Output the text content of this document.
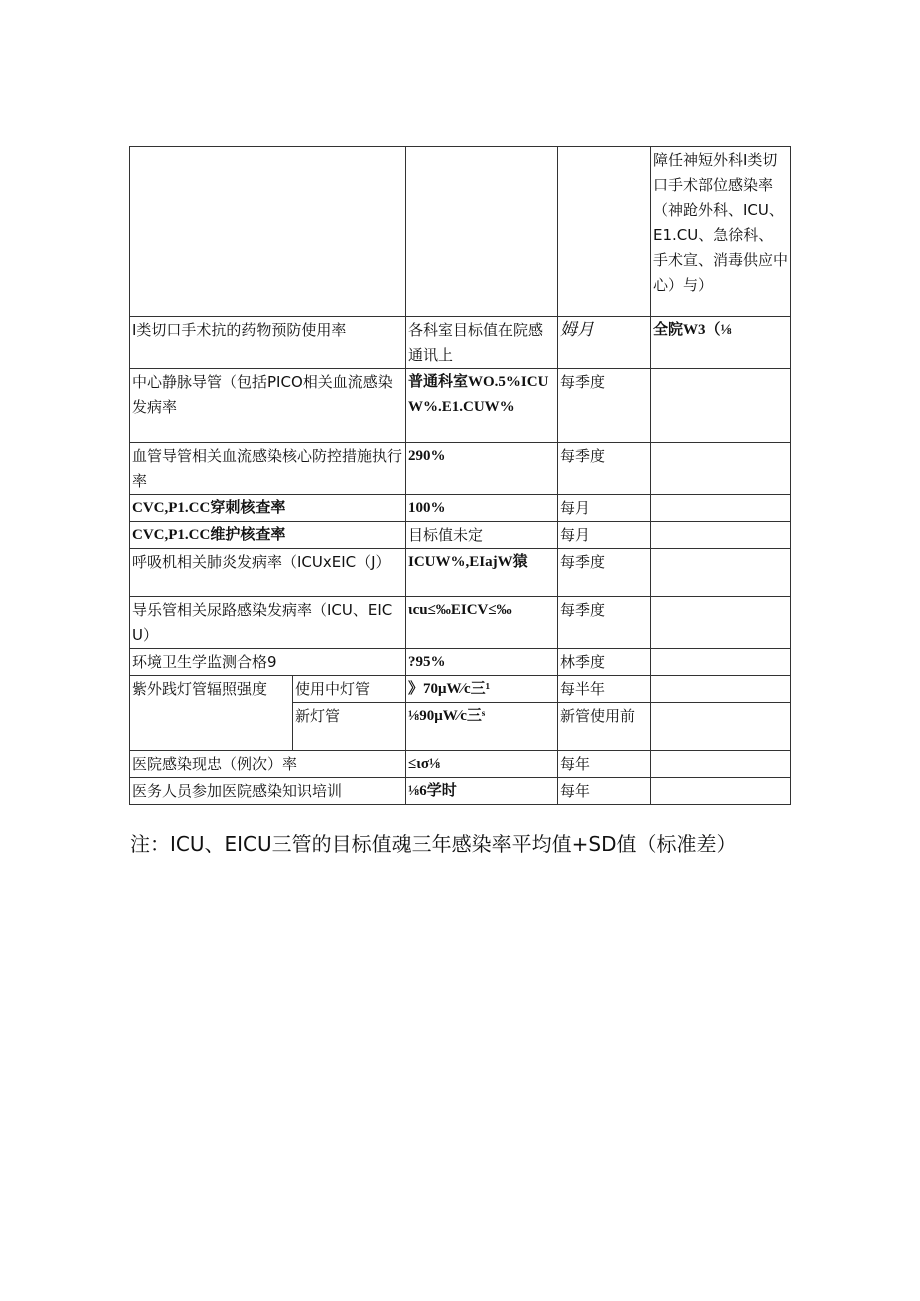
				障任神短外科I类切口手术部位感染率（神跄外科、ICU、E1.CU、急徐科、手术宣、消毒供应中心）与）
I类切口手术抗的药物预防使用率		各科室目标值在院感通讯上	姆月	全院W3（⅛
中心静脉导管（包括PICO相关血流感染发病率		普通科室WO.5%ICUW%.E1.CUW%	每季度	
血管导管相关血流感染核心防控措施执行率		290%	每季度	
CVC,P1.CC穿刺核查率		100%	每月	
CVC,P1.CC维护核查率		目标值未定	每月	
呼吸机相关肺炎发病率（ICUxEIC（J）		ICUW%,EIajW猿	每季度	
导乐管相关尿路感染发病率（ICU、EICU）		ιcu≤‰EICV≤‰	每季度	
环境卫生学监测合格9		?95%	林季度	
紫外践灯管辐照强度	使用中灯管	》70μW∕c三¹	每半年	
	新灯管	⅛90μW∕c三ˢ	新管使用前	
医院感染现忠（例次）率		≤ισ⅛	每年	
医务人员参加医院感染知识培训		⅛6学时	每年	
注：ICU、EICU三管的目标值魂三年感染率平均值+SD值（标准差）
